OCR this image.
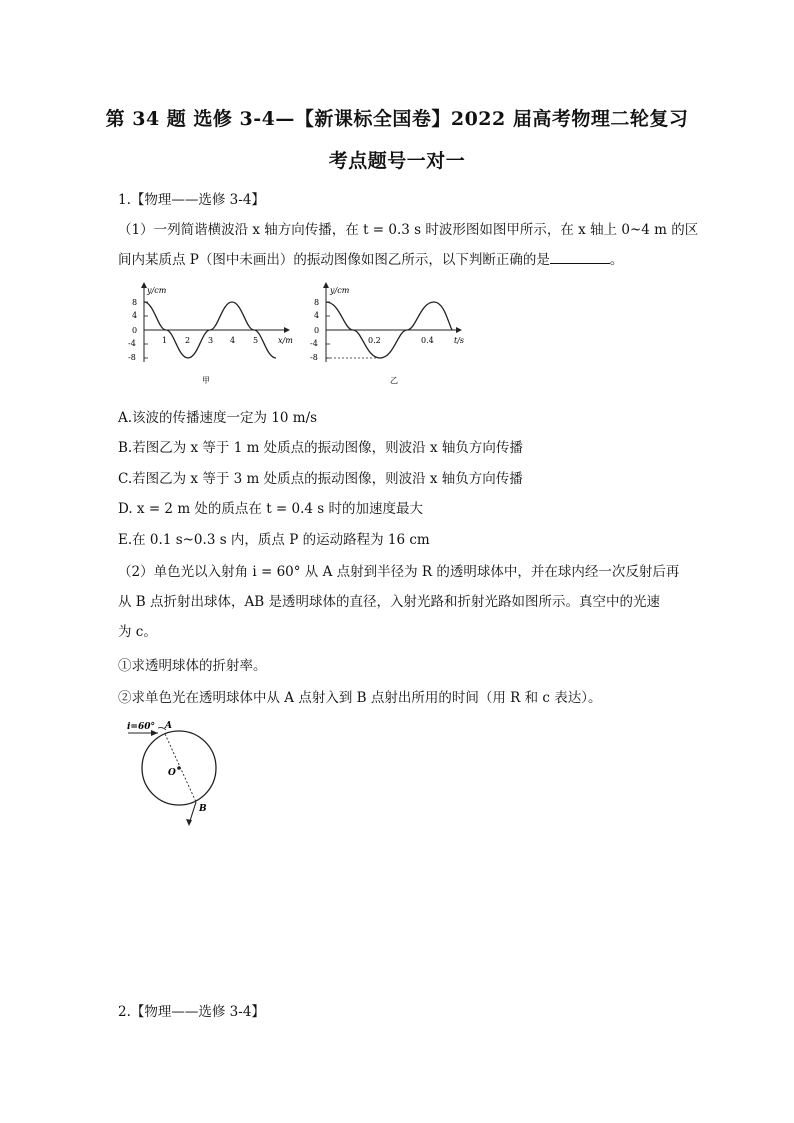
第 34 题 选修 3-4—【新课标全国卷】2022 届高考物理二轮复习
考点题号一对一
1.【物理——选修 3-4】
（1）一列简谐横波沿 x 轴方向传播，在 t = 0.3 s 时波形图如图甲所示，在 x 轴上 0~4 m 的区
间内某质点 P（图中未画出）的振动图像如图乙所示，以下判断正确的是	。
y/cm
x/m
8
4
0
-4
-8
1 2 3 4 5
甲
y/cm
t/s
8
4
0
-4
-8
0.2	0.4
乙
A.该波的传播速度一定为 10 m/s
B.若图乙为 x 等于 1 m 处质点的振动图像，则波沿 x 轴负方向传播
C.若图乙为 x 等于 3 m 处质点的振动图像，则波沿 x 轴负方向传播
D. x = 2 m 处的质点在 t = 0.4 s 时的加速度最大
E.在 0.1 s~0.3 s 内，质点 P 的运动路程为 16 cm
（2）单色光以入射角 i = 60° 从 A 点射到半径为 R 的透明球体中，并在球内经一次反射后再
从 B 点折射出球体，AB 是透明球体的直径，入射光路和折射光路如图所示。真空中的光速
为 c。
①求透明球体的折射率。
②求单色光在透明球体中从 A 点射入到 B 点射出所用的时间（用 R 和 c 表达）。
i=60° A
O
B
2.【物理——选修 3-4】
